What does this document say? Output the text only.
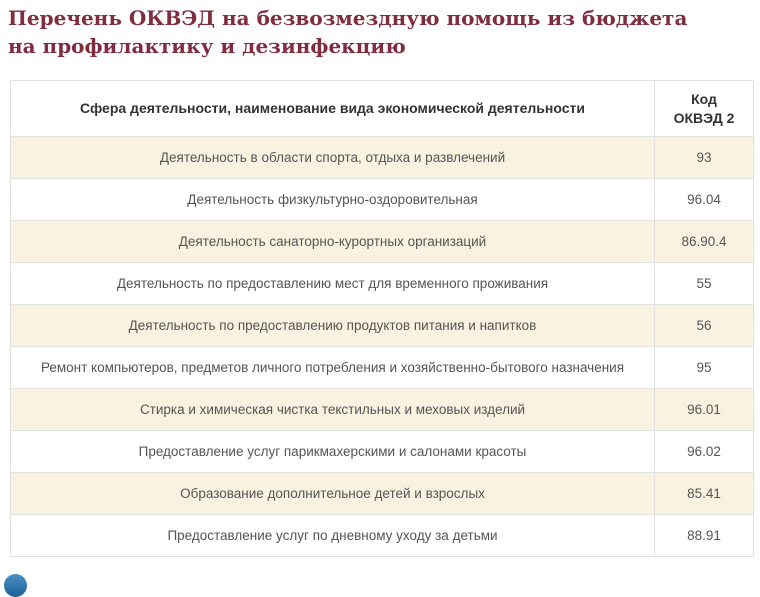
Перечень ОКВЭД на безвозмездную помощь из бюджета на профилактику и дезинфекцию
Сфера деятельности, наименование вида экономической деятельности	Код ОКВЭД 2
Деятельность в области спорта, отдыха и развлечений	93
Деятельность физкультурно-оздоровительная	96.04
Деятельность санаторно-курортных организаций	86.90.4
Деятельность по предоставлению мест для временного проживания	55
Деятельность по предоставлению продуктов питания и напитков	56
Ремонт компьютеров, предметов личного потребления и хозяйственно-бытового назначения	95
Стирка и химическая чистка текстильных и меховых изделий	96.01
Предоставление услуг парикмахерскими и салонами красоты	96.02
Образование дополнительное детей и взрослых	85.41
Предоставление услуг по дневному уходу за детьми	88.91
